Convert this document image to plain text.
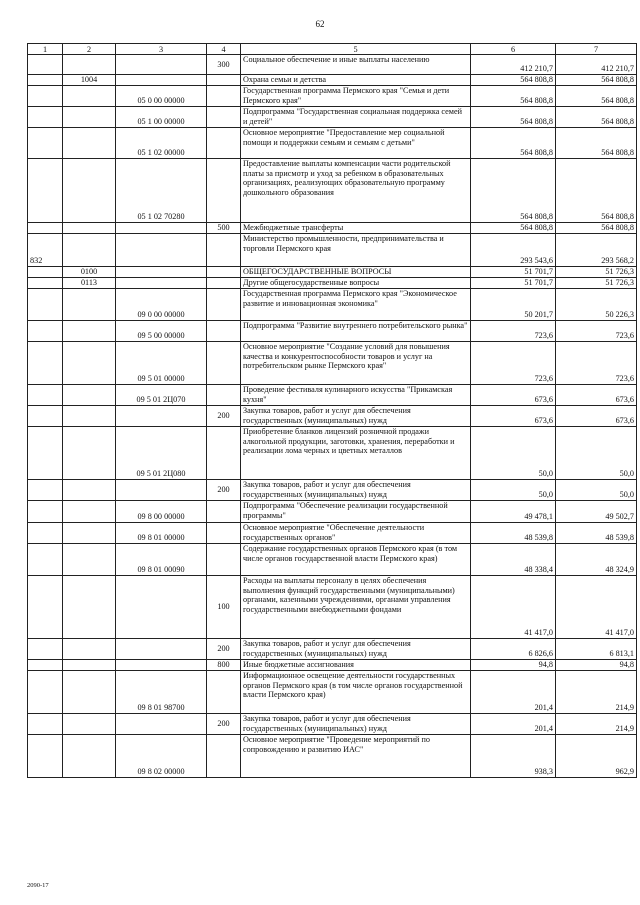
62
1	2	3	4	5	6	7
			300	Социальное обеспечение и иные выплаты населению	412 210,7	412 210,7
	1004			Охрана семьи и детства	564 808,8	564 808,8
		05 0 00 00000		Государственная программа Пермского края "Семья и дети Пермского края"	564 808,8	564 808,8
		05 1 00 00000		Подпрограмма "Государственная социальная поддержка семей и детей"	564 808,8	564 808,8
		05 1 02 00000		Основное мероприятие "Предоставление мер социальной помощи и поддержки семьям и семьям с детьми"	564 808,8	564 808,8
		05 1 02 70280		Предоставление выплаты компенсации части родительской платы за присмотр и уход за ребенком в образовательных организациях, реализующих образовательную программу дошкольного образования	564 808,8	564 808,8
			500	Межбюджетные трансферты	564 808,8	564 808,8
832				Министерство промышленности, предпринимательства и торговли Пермского края	293 543,6	293 568,2
	0100			ОБЩЕГОСУДАРСТВЕННЫЕ ВОПРОСЫ	51 701,7	51 726,3
	0113			Другие общегосударственные вопросы	51 701,7	51 726,3
		09 0 00 00000		Государственная программа Пермского края "Экономическое развитие и инновационная экономика"	50 201,7	50 226,3
		09 5 00 00000		Подпрограмма "Развитие внутреннего потребительского рынка"	723,6	723,6
		09 5 01 00000		Основное мероприятие "Создание условий для повышения качества и конкурентоспособности товаров и услуг на потребительском рынке Пермского края"	723,6	723,6
		09 5 01 2Ц070		Проведение фестиваля кулинарного искусства "Прикамская кухня"	673,6	673,6
			200	Закупка товаров, работ и услуг для обеспечения государственных (муниципальных) нужд	673,6	673,6
		09 5 01 2Ц080		Приобретение бланков лицензий розничной продажи алкогольной продукции, заготовки, хранения, переработки и реализации лома черных и цветных металлов	50,0	50,0
			200	Закупка товаров, работ и услуг для обеспечения государственных (муниципальных) нужд	50,0	50,0
		09 8 00 00000		Подпрограмма "Обеспечение реализации государственной программы"	49 478,1	49 502,7
		09 8 01 00000		Основное мероприятие "Обеспечение деятельности государственных органов"	48 539,8	48 539,8
		09 8 01 00090		Содержание государственных органов Пермского края (в том числе органов государственной власти Пермского края)	48 338,4	48 324,9
			100	Расходы на выплаты персоналу в целях обеспечения выполнения функций государственными (муниципальными) органами, казенными учреждениями, органами управления государственными внебюджетными фондами	41 417,0	41 417,0
			200	Закупка товаров, работ и услуг для обеспечения государственных (муниципальных) нужд	6 826,6	6 813,1
			800	Иные бюджетные ассигнования	94,8	94,8
		09 8 01 98700		Информационное освещение деятельности государственных органов Пермского края (в том числе органов государственной власти Пермского края)	201,4	214,9
			200	Закупка товаров, работ и услуг для обеспечения государственных (муниципальных) нужд	201,4	214,9
		09 8 02 00000		Основное мероприятие "Проведение мероприятий по сопровождению и развитию ИАС"	938,3	962,9
2090-17
